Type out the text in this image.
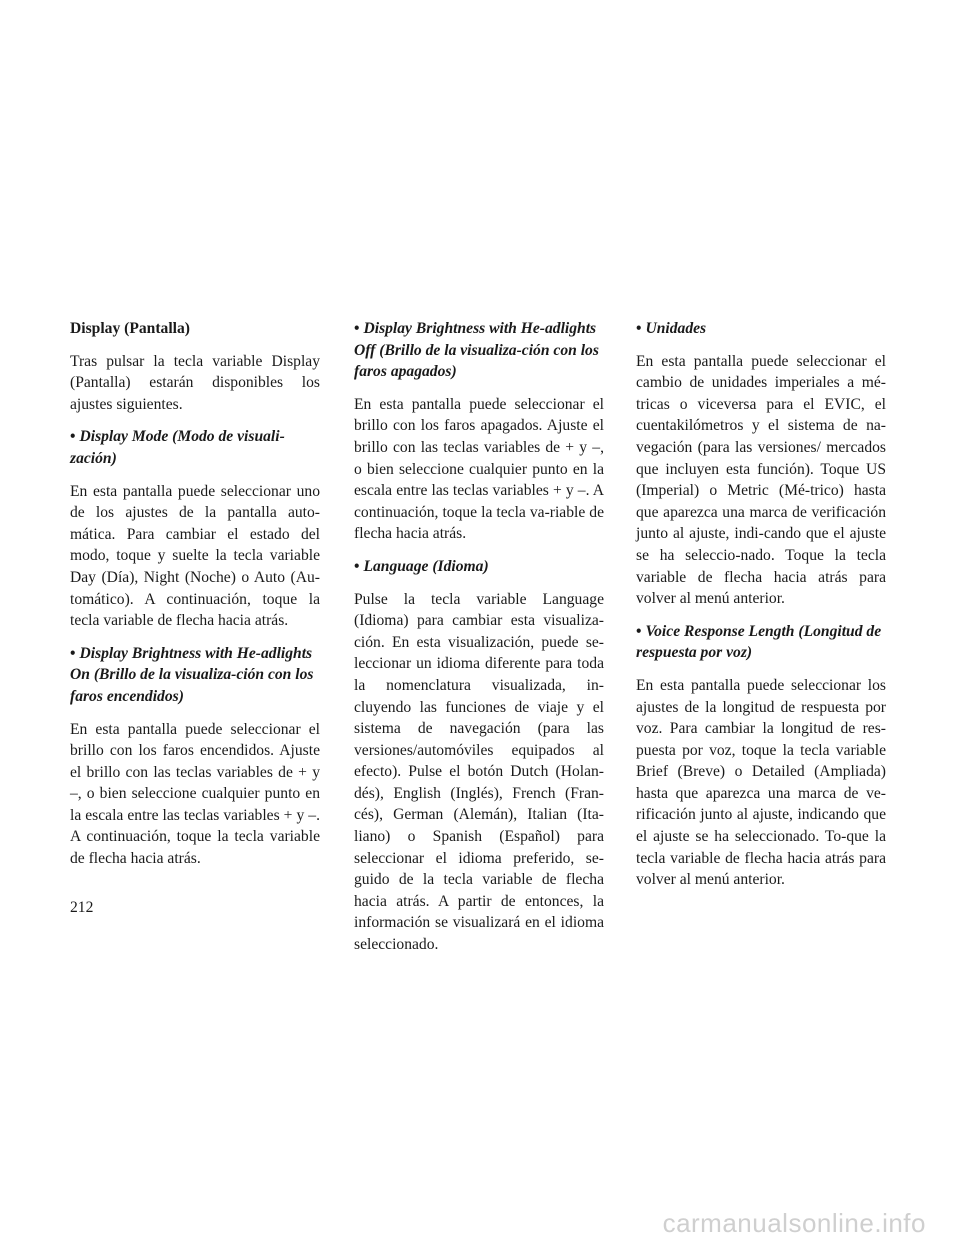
Display (Pantalla)

Tras pulsar la tecla variable Display (Pantalla) estarán disponibles los ajustes siguientes.

• Display Mode (Modo de visuali-zación)

En esta pantalla puede seleccionar uno de los ajustes de la pantalla auto-mática. Para cambiar el estado del modo, toque y suelte la tecla variable Day (Día), Night (Noche) o Auto (Au-tomático). A continuación, toque la tecla variable de flecha hacia atrás.

• Display Brightness with He-adlights On (Brillo de la visualiza-ción con los faros encendidos)

En esta pantalla puede seleccionar el brillo con los faros encendidos. Ajuste el brillo con las teclas variables de + y –, o bien seleccione cualquier punto en la escala entre las teclas variables + y –. A continuación, toque la tecla variable de flecha hacia atrás.

• Display Brightness with He-adlights Off (Brillo de la visualiza-ción con los faros apagados)

En esta pantalla puede seleccionar el brillo con los faros apagados. Ajuste el brillo con las teclas variables de + y –, o bien seleccione cualquier punto en la escala entre las teclas variables + y –. A continuación, toque la tecla va-riable de flecha hacia atrás.

• Language (Idioma)

Pulse la tecla variable Language (Idioma) para cambiar esta visualiza-ción. En esta visualización, puede se-leccionar un idioma diferente para toda la nomenclatura visualizada, in-cluyendo las funciones de viaje y el sistema de navegación (para las versiones/automóviles equipados al efecto). Pulse el botón Dutch (Holan-dés), English (Inglés), French (Fran-cés), German (Alemán), Italian (Ita-liano) o Spanish (Español) para seleccionar el idioma preferido, se-guido de la tecla variable de flecha hacia atrás. A partir de entonces, la información se visualizará en el idioma seleccionado.

• Unidades

En esta pantalla puede seleccionar el cambio de unidades imperiales a mé-tricas o viceversa para el EVIC, el cuentakilómetros y el sistema de na-vegación (para las versiones/ mercados que incluyen esta función). Toque US (Imperial) o Metric (Mé-trico) hasta que aparezca una marca de verificación junto al ajuste, indi-cando que el ajuste se ha seleccio-nado. Toque la tecla variable de flecha hacia atrás para volver al menú anterior.

• Voice Response Length (Longitud de respuesta por voz)

En esta pantalla puede seleccionar los ajustes de la longitud de respuesta por voz. Para cambiar la longitud de res-puesta por voz, toque la tecla variable Brief (Breve) o Detailed (Ampliada) hasta que aparezca una marca de ve-rificación junto al ajuste, indicando que el ajuste se ha seleccionado. To-que la tecla variable de flecha hacia atrás para volver al menú anterior.

212
carmanualsonline.info
